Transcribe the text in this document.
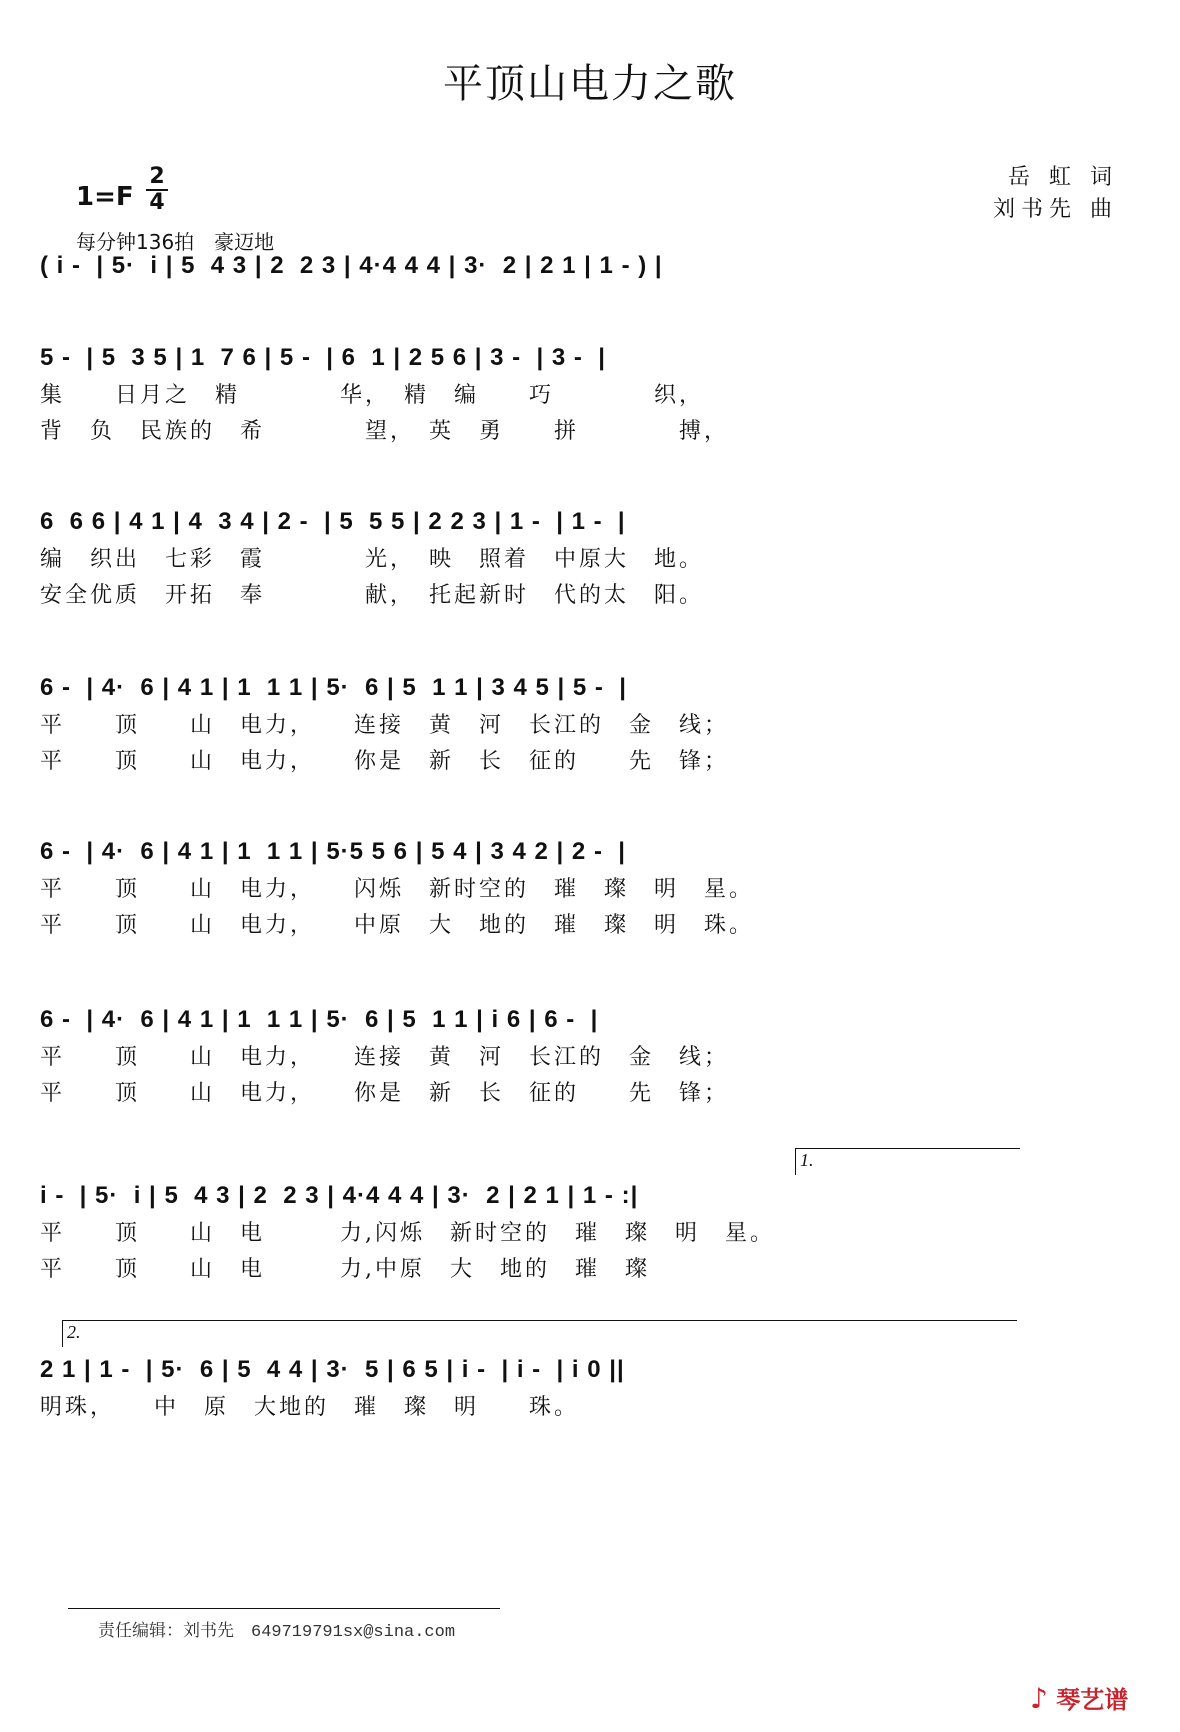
平顶山电力之歌
1=F
2
4
每分钟136拍　豪迈地
岳 虹 词
刘书先 曲
( i -  | 5·  i | 5  4 3 | 2  2 3 | 4·4 4 4 | 3·  2 | 2 1 | 1 - ) |
5 -  | 5  3 5 | 1  7 6 | 5 -  | 6  1 | 2 5 6 | 3 -  | 3 -  |
集　　日月之　精　　　　华，　精　编　　巧　　　　织，
背　负　民族的　希　　　　望，　英　勇　　拼　　　　搏，
6  6 6 | 4 1 | 4  3 4 | 2 -  | 5  5 5 | 2 2 3 | 1 -  | 1 -  |
编　织出　七彩　霞　　　　光，　映　照着　中原大　地。
安全优质　开拓　奉　　　　献，　托起新时　代的太　阳。
6 -  | 4·  6 | 4 1 | 1  1 1 | 5·  6 | 5  1 1 | 3 4 5 | 5 -  |
平　　顶　　山　电力，　　连接　黄　河　长江的　金　线；
平　　顶　　山　电力，　　你是　新　长　征的　　先　锋；
6 -  | 4·  6 | 4 1 | 1  1 1 | 5·5 5 6 | 5 4 | 3 4 2 | 2 -  |
平　　顶　　山　电力，　　闪烁　新时空的　璀　璨　明　星。
平　　顶　　山　电力，　　中原　大　地的　璀　璨　明　珠。
6 -  | 4·  6 | 4 1 | 1  1 1 | 5·  6 | 5  1 1 | i 6 | 6 -  |
平　　顶　　山　电力，　　连接　黄　河　长江的　金　线；
平　　顶　　山　电力，　　你是　新　长　征的　　先　锋；
1.
i -  | 5·  i | 5  4 3 | 2  2 3 | 4·4 4 4 | 3·  2 | 2 1 | 1 - :|
平　　顶　　山　电　　　力,闪烁　新时空的　璀　璨　明　星。
平　　顶　　山　电　　　力,中原　大　地的　璀　璨
2.
2 1 | 1 -  | 5·  6 | 5  4 4 | 3·  5 | 6 5 | i -  | i -  | i 0 ||
明珠，　　中　原　大地的　璀　璨　明　　珠。
责任编辑：刘书先　649719791sx@sina.com
♪ 琴艺谱
